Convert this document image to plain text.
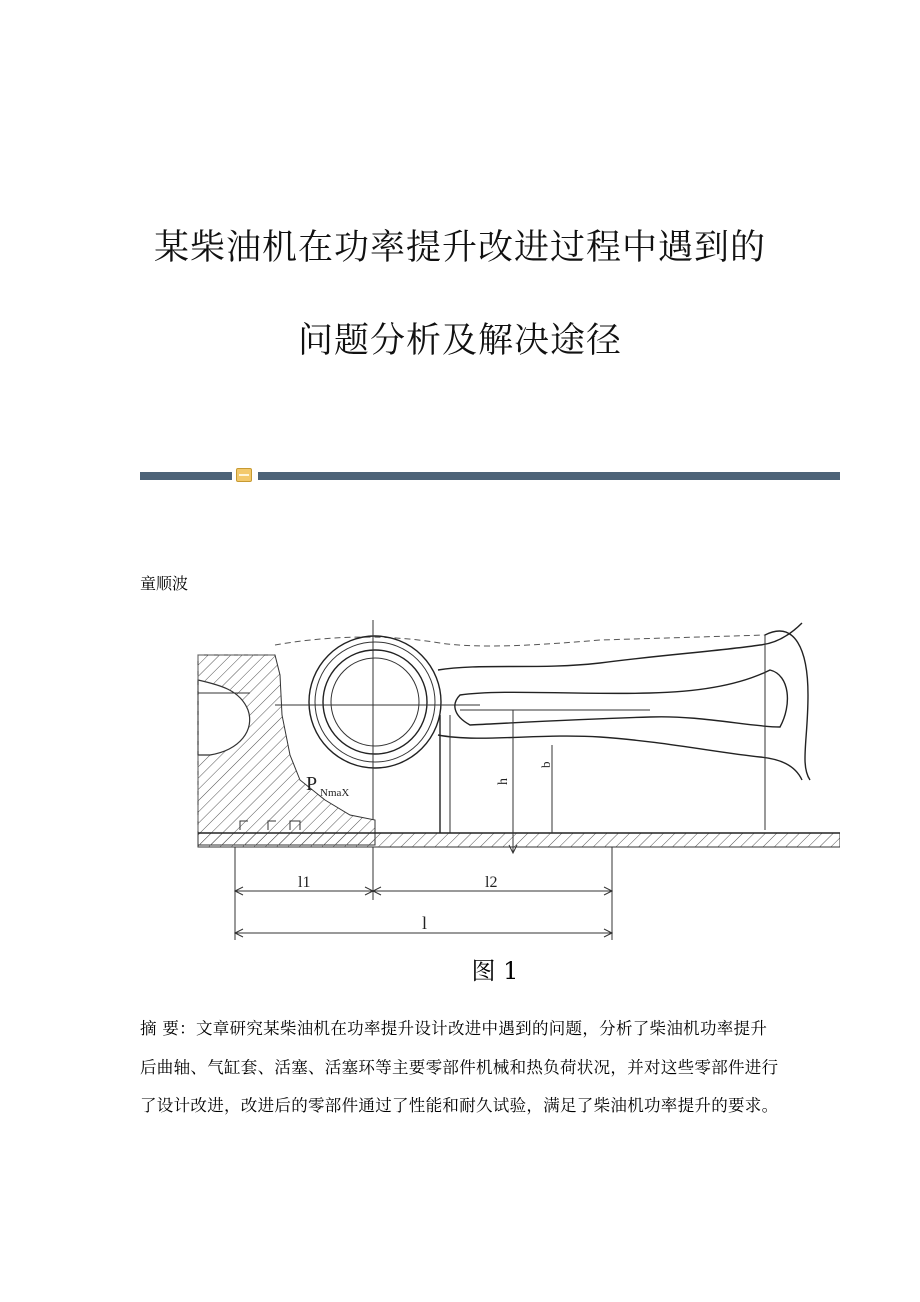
某柴油机在功率提升改进过程中遇到的
问题分析及解决途径
童顺波
P NmaX
h
b
l1	l2
l
图 1
摘 要：文章研究某柴油机在功率提升设计改进中遇到的问题，分析了柴油机功率提升后曲轴、气缸套、活塞、活塞环等主要零部件机械和热负荷状况，并对这些零部件进行了设计改进，改进后的零部件通过了性能和耐久试验，满足了柴油机功率提升的要求。
